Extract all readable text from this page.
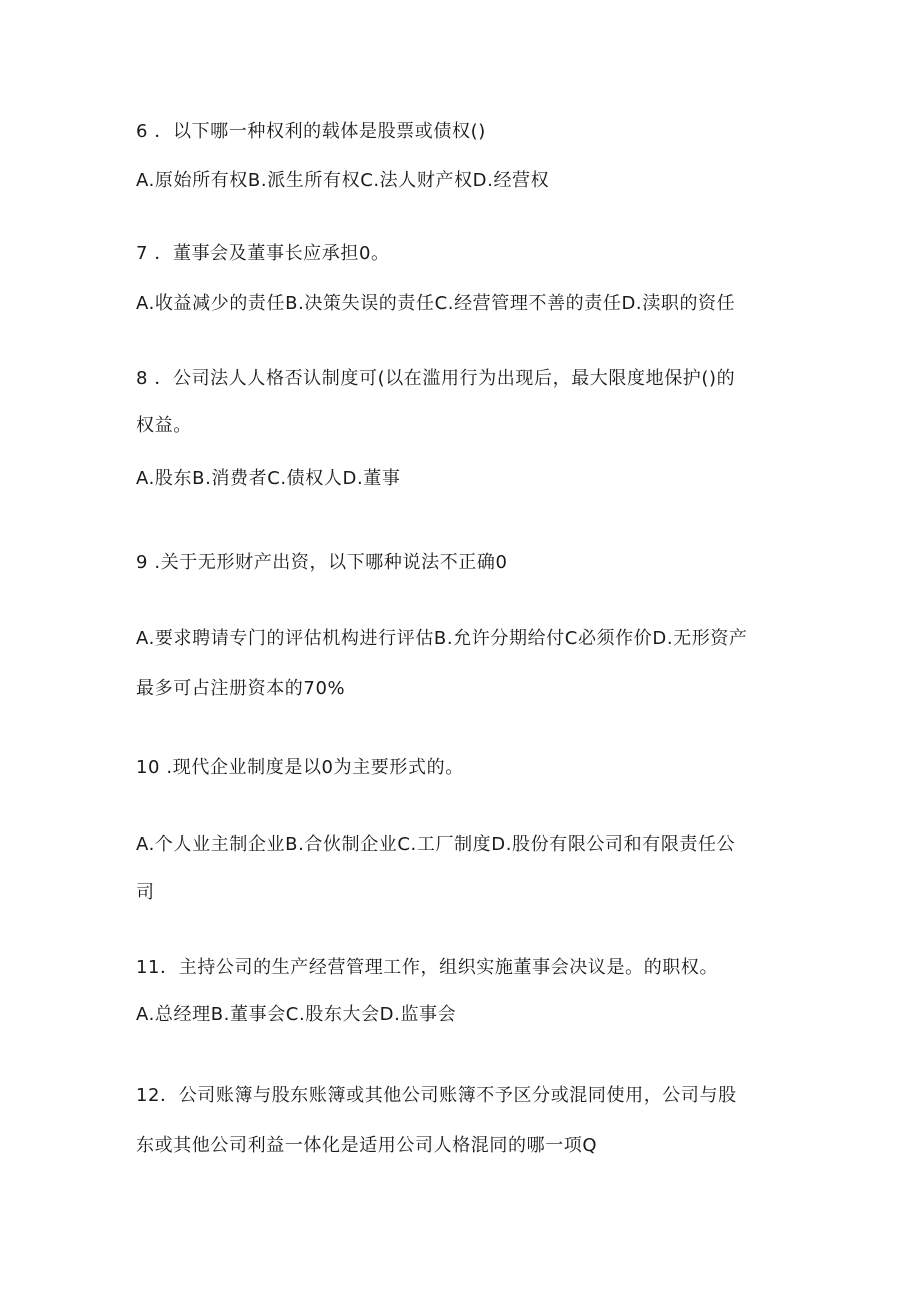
6 ．以下哪一种权利的载体是股票或债权()
A.原始所有权B.派生所有权C.法人财产权D.经营权
7 ．董事会及董事长应承担0。
A.收益减少的责任B.决策失误的责任C.经营管理不善的责任D.渎职的资任
8 ．公司法人人格否认制度可(以在滥用行为出现后，最大限度地保护()的
权益。
A.股东B.消费者C.债权人D.董事
9 .关于无形财产出资，以下哪种说法不正确0
A.要求聘请专门的评估机构进行评估B.允许分期给付C必须作价D.无形资产
最多可占注册资本的70%
10 .现代企业制度是以0为主要形式的。
A.个人业主制企业B.合伙制企业C.工厂制度D.股份有限公司和有限责任公
司
11．主持公司的生产经营管理工作，组织实施董事会决议是。的职权。
A.总经理B.董事会C.股东大会D.监事会
12．公司账簿与股东账簿或其他公司账簿不予区分或混同使用，公司与股
东或其他公司利益一体化是适用公司人格混同的哪一项Q
